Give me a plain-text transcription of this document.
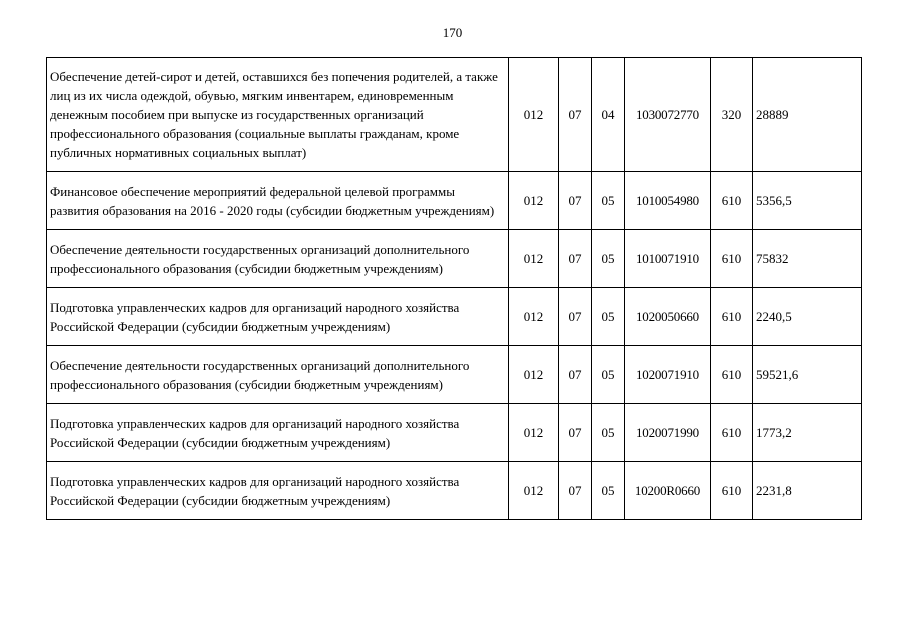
170
Обеспечение детей-сирот и детей, оставшихся без попечения родителей, а также лиц из их числа одеждой, обувью, мягким инвентарем, единовременным денежным пособием при выпуске из государственных организаций профессионального образования (социальные выплаты гражданам, кроме публичных нормативных социальных выплат)	012	07	04	1030072770	320	28889
Финансовое обеспечение мероприятий федеральной целевой программы развития образования на 2016 - 2020 годы (субсидии бюджетным учреждениям)	012	07	05	1010054980	610	5356,5
Обеспечение деятельности государственных организаций дополнительного профессионального образования (субсидии бюджетным учреждениям)	012	07	05	1010071910	610	75832
Подготовка управленческих кадров для организаций народного хозяйства Российской Федерации (субсидии бюджетным учреждениям)	012	07	05	1020050660	610	2240,5
Обеспечение деятельности государственных организаций дополнительного профессионального образования (субсидии бюджетным учреждениям)	012	07	05	1020071910	610	59521,6
Подготовка управленческих кадров для организаций народного хозяйства Российской Федерации (субсидии бюджетным учреждениям)	012	07	05	1020071990	610	1773,2
Подготовка управленческих кадров для организаций народного хозяйства Российской Федерации (субсидии бюджетным учреждениям)	012	07	05	10200R0660	610	2231,8
